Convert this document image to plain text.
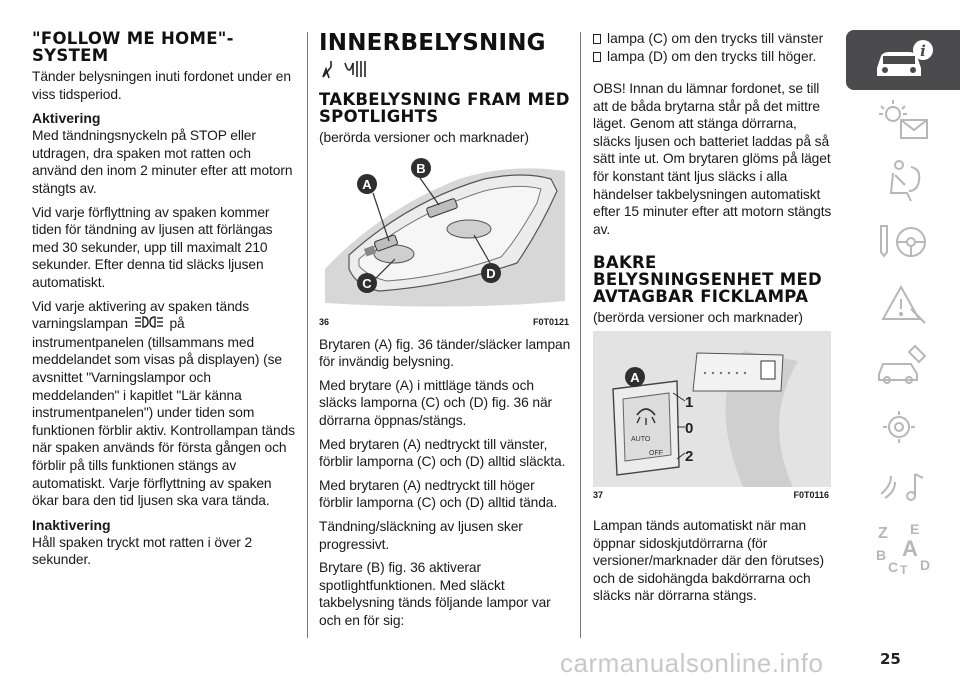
"FOLLOW ME HOME"-SYSTEM

Tänder belysningen inuti fordonet under en viss tidsperiod.

Aktivering

Med tändningsnyckeln på STOP eller utdragen, dra spaken mot ratten och använd den inom 2 minuter efter att motorn stängts av.

Vid varje förflyttning av spaken kommer tiden för tändning av ljusen att förlängas med 30 sekunder, upp till maximalt 210 sekunder. Efter denna tid släcks ljusen automatiskt.

Vid varje aktivering av spaken tänds varningslampan	på instrumentpanelen (tillsammans med meddelandet som visas på displayen) (se avsnittet "Varningslampor och meddelanden" i kapitlet "Lär känna instrumentpanelen") under tiden som funktionen förblir aktiv. Kontrollampan tänds när spaken används för första gången och förblir på tills funktionen stängs av automatiskt. Varje förflyttning av spaken ökar bara den tid ljusen ska vara tända.

Inaktivering

Håll spaken tryckt mot ratten i över 2 sekunder.

INNERBELYSNING
TAKBELYSNING FRAM MED SPOTLIGHTS

(berörda versioner och marknader)

A
B
C
D
36	F0T0121

Brytaren (A) fig. 36 tänder/släcker lampan för invändig belysning.

Med brytare (A) i mittläge tänds och släcks lamporna (C) och (D) fig. 36 när dörrarna öppnas/stängs.

Med brytaren (A) nedtryckt till vänster, förblir lamporna (C) och (D) alltid släckta.

Med brytaren (A) nedtryckt till höger förblir lamporna (C) och (D) alltid tända.

Tändning/släckning av ljusen sker progressivt.

Brytare (B) fig. 36 aktiverar spotlightfunktionen. Med släckt takbelysning tänds följande lampor var och en för sig:

lampa (C) om den trycks till vänster
lampa (D) om den trycks till höger.

OBS! Innan du lämnar fordonet, se till att de båda brytarna står på det mittre läget. Genom att stänga dörrarna, släcks ljusen och batteriet laddas på så sätt inte ut. Om brytaren glöms på läget för konstant tänt ljus släcks i alla händelser takbelysningen automatiskt efter 15 minuter efter att motorn stängts av.

BAKRE BELYSNINGSENHET MED AVTAGBAR FICKLAMPA

(berörda versioner och marknader)

AUTO
OFF
A
1
0
2
37	F0T0116

Lampan tänds automatiskt när man öppnar sidoskjutdörrarna (för versioner/marknader där den förutses) och de sidohängda bakdörrarna och släcks när dörrarna stängs.

i
Z E
A
B
C D
T
carmanualsonline.info	25
